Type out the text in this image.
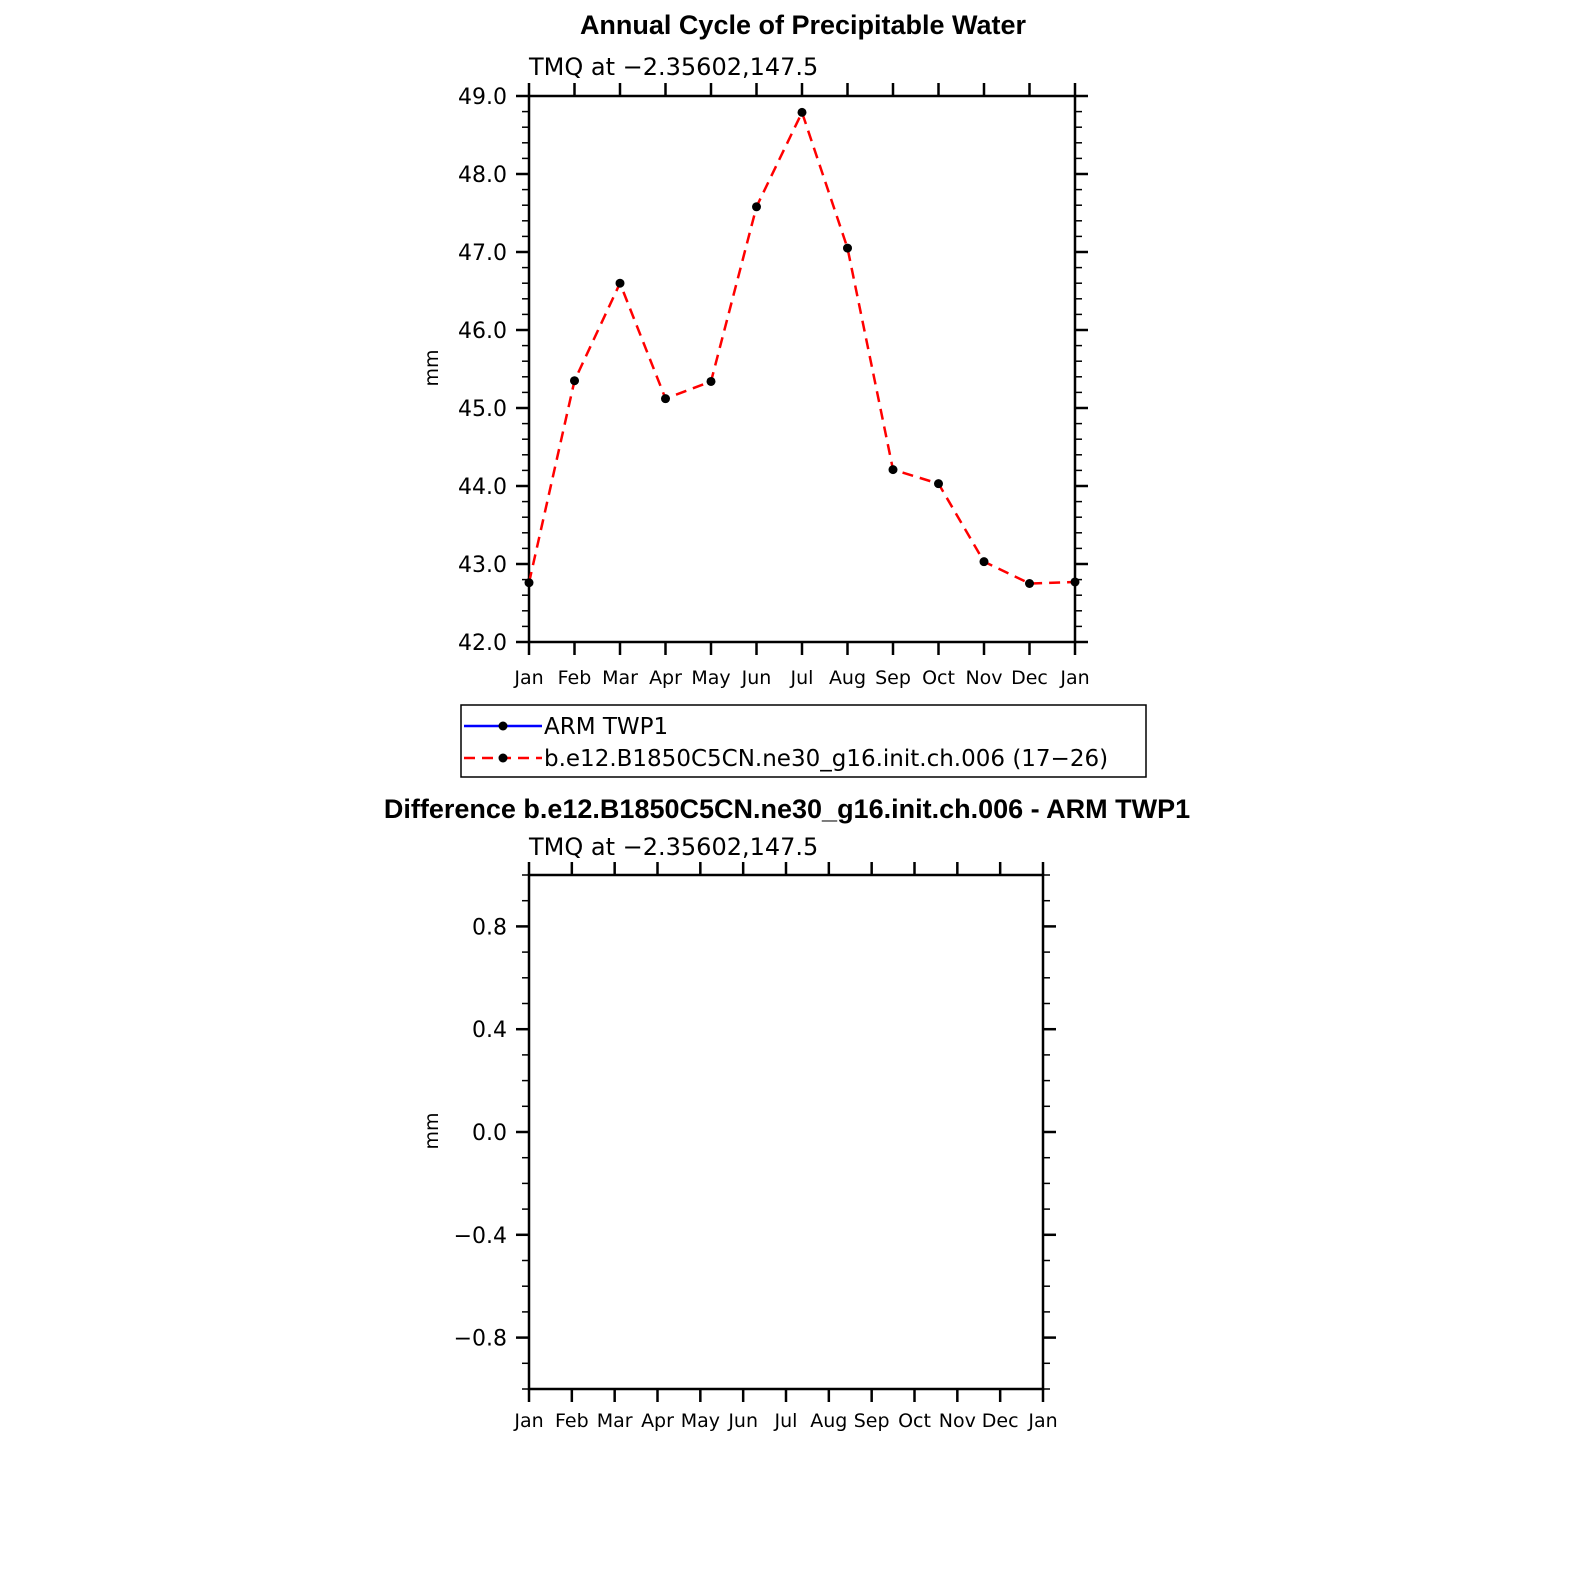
Annual Cycle of Precipitable Water
TMQ at −2.35602,147.5
mm
42.0
43.0
44.0
45.0
46.0
47.0
48.0
49.0
Jan Feb Mar Apr May Jun Jul Aug Sep Oct Nov Dec Jan
ARM TWP1
b.e12.B1850C5CN.ne30_g16.init.ch.006 (17−26)
Difference b.e12.B1850C5CN.ne30_g16.init.ch.006 - ARM TWP1
TMQ at −2.35602,147.5
mm
−0.8
−0.4
0.0
0.4
0.8
Jan Feb Mar Apr May Jun Jul Aug Sep Oct Nov Dec Jan
